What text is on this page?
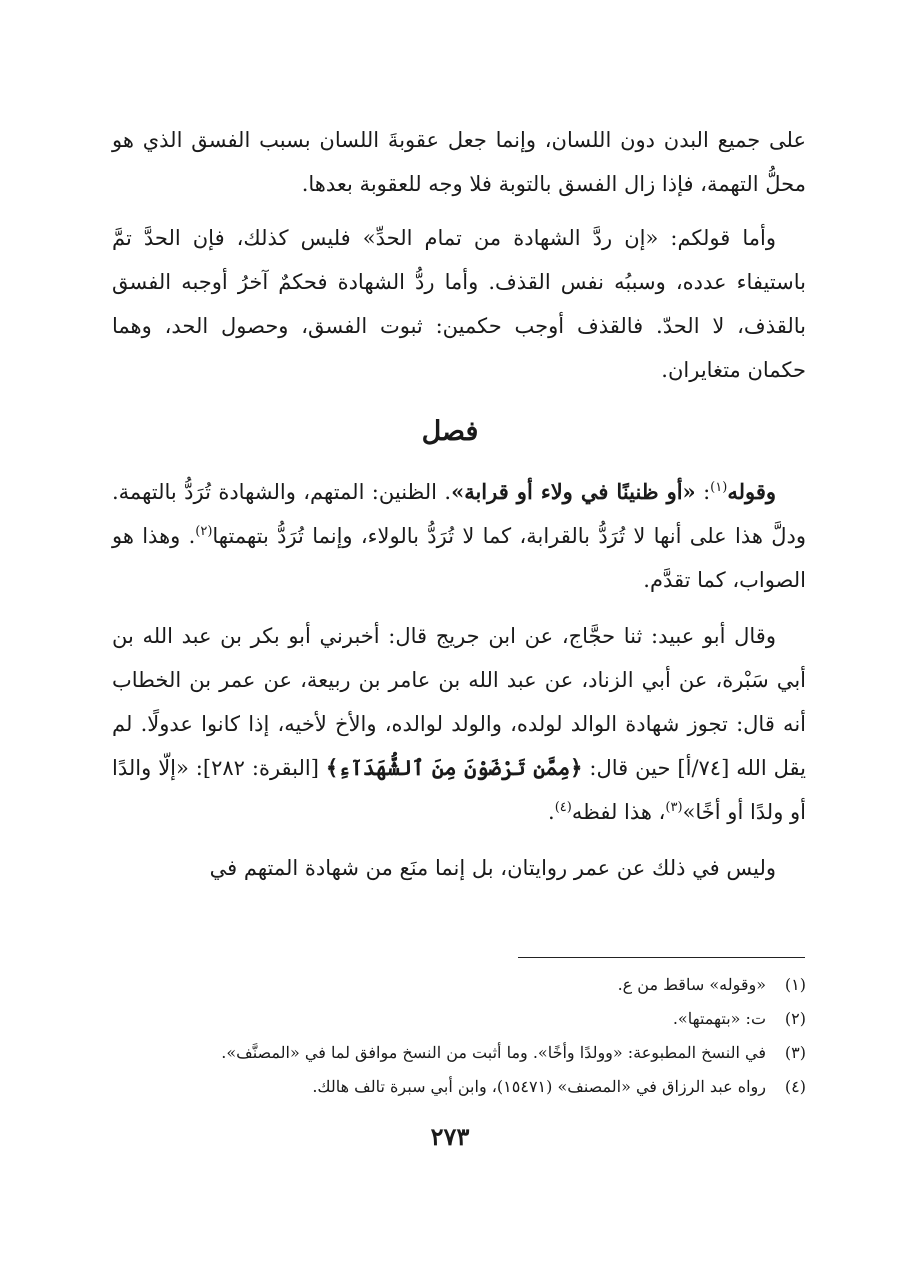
على جميع البدن دون اللسان، وإنما جعل عقوبةَ اللسان بسبب الفسق الذي هو محلُّ التهمة، فإذا زال الفسق بالتوبة فلا وجه للعقوبة بعدها.

وأما قولكم: «إن ردَّ الشهادة من تمام الحدِّ» فليس كذلك، فإن الحدَّ تمَّ باستيفاء عدده، وسببُه نفس القذف. وأما ردُّ الشهادة فحكمٌ آخرُ أوجبه الفسق بالقذف، لا الحدّ. فالقذف أوجب حكمين: ثبوت الفسق، وحصول الحد، وهما حكمان متغايران.

فصل

وقوله$^{(١)}$: «أو ظنينًا في ولاء أو قرابة». الظنين: المتهم، والشهادة تُرَدُّ بالتهمة. ودلَّ هذا على أنها لا تُرَدُّ بالقرابة، كما لا تُرَدُّ بالولاء، وإنما تُرَدُّ بتهمتها$^{(٢)}$. وهذا هو الصواب، كما تقدَّم.

وقال أبو عبيد: ثنا حجَّاج، عن ابن جريج قال: أخبرني أبو بكر بن عبد الله بن أبي سَبْرة، عن أبي الزناد، عن عبد الله بن عامر بن ربيعة، عن عمر بن الخطاب أنه قال: تجوز شهادة الوالد لولده، والولد لوالده، والأخ لأخيه، إذا كانوا عدولًا. لم يقل الله [٧٤/أ] حين قال: ﴿مِمَّن تَرْضَوْنَ مِنَ ٱلشُّهَدَآءِ﴾ [البقرة: ٢٨٢]: «إلّا والدًا أو ولدًا أو أخًا»$^{(٣)}$، هذا لفظه$^{(٤)}$.

وليس في ذلك عن عمر روايتان، بل إنما منَع من شهادة المتهم في

(١)
«وقوله» ساقط من ع.
(٢)
ت: «بتهمتها».
(٣)
في النسخ المطبوعة: «وولدًا وأخًا». وما أثبت من النسخ موافق لما في «المصنَّف».
(٤)
رواه عبد الرزاق في «المصنف» (١٥٤٧١)، وابن أبي سبرة تالف هالك.
٢٧٣
